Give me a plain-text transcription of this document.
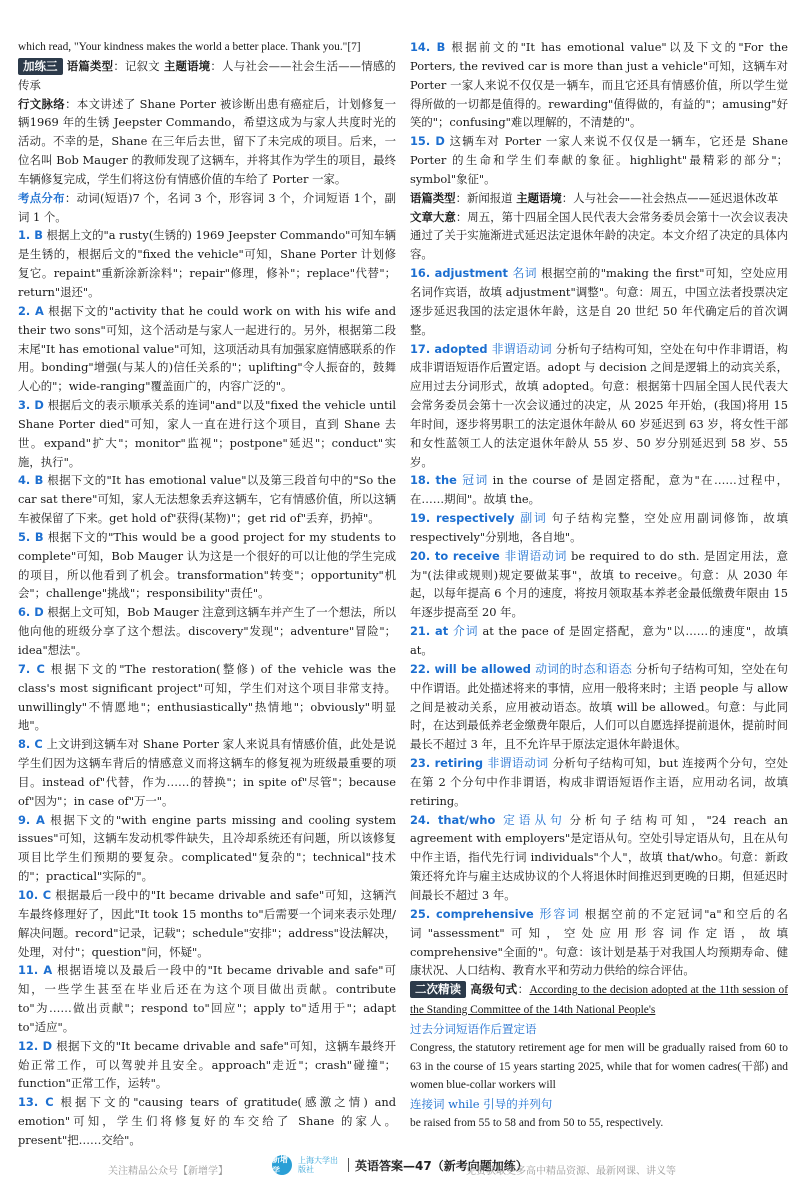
which read, "Your kindness makes the world a better place. Thank you."[7]

加练三 语篇类型：记叙文 主题语境：人与社会——社会生活——情感的传承

行文脉络：本文讲述了 Shane Porter 被诊断出患有癌症后，计划修复一辆1969 年的生锈 Jeepster Commando，希望这成为与家人共度时光的活动。不幸的是，Shane 在三年后去世，留下了未完成的项目。后来，一位名叫 Bob Mauger 的教师发现了这辆车，并将其作为学生的项目，最终车辆修复完成，学生们将这份有情感价值的车给了 Porter 一家。

考点分布：动词(短语)7 个，名词 3 个，形容词 3 个，介词短语 1个，副词 1 个。

1. B 根据上文的"a rusty(生锈的) 1969 Jeepster Commando"可知车辆是生锈的，根据后文的"fixed the vehicle"可知，Shane Porter 计划修复它。repaint"重新涂新涂料"；repair"修理，修补"；replace"代替"；return"退还"。

2. A 根据下文的"activity that he could work on with his wife and their two sons"可知，这个活动是与家人一起进行的。另外，根据第二段末尾"It has emotional value"可知，这项活动具有加强家庭情感联系的作用。bonding"增强(与某人的)信任关系的"；uplifting"令人振奋的，鼓舞人心的"；wide-ranging"覆盖面广的，内容广泛的"。

3. D 根据后文的表示顺承关系的连词"and"以及"fixed the vehicle until Shane Porter died"可知，家人一直在进行这个项目，直到 Shane 去世。expand"扩大"；monitor"监视"；postpone"延迟"；conduct"实施，执行"。

4. B 根据下文的"It has emotional value"以及第三段首句中的"So the car sat there"可知，家人无法想象丢弃这辆车，它有情感价值，所以这辆车被保留了下来。get hold of"获得(某物)"；get rid of"丢弃，扔掉"。

5. B 根据下文的"This would be a good project for my students to complete"可知，Bob Mauger 认为这是一个很好的可以让他的学生完成的项目，所以他看到了机会。transformation"转变"；opportunity"机会"；challenge"挑战"；responsibility"责任"。

6. D 根据上文可知，Bob Mauger 注意到这辆车并产生了一个想法，所以他向他的班级分享了这个想法。discovery"发现"；adventure"冒险"；idea"想法"。

7. C 根据下文的"The restoration(整修) of the vehicle was the class's most significant project"可知，学生们对这个项目非常支持。unwillingly"不情愿地"；enthusiastically"热情地"；obviously"明显地"。

8. C 上文讲到这辆车对 Shane Porter 家人来说具有情感价值，此处是说学生们因为这辆车背后的情感意义而将这辆车的修复视为班级最重要的项目。instead of"代替，作为……的替换"；in spite of"尽管"；because of"因为"；in case of"万一"。

9. A 根据下文的"with engine parts missing and cooling system issues"可知，这辆车发动机零件缺失，且冷却系统还有问题，所以该修复项目比学生们预期的要复杂。complicated"复杂的"；technical"技术的"；practical"实际的"。

10. C 根据最后一段中的"It became drivable and safe"可知，这辆汽车最终修理好了，因此"It took 15 months to"后需要一个词来表示处理/解决问题。record"记录，记载"；schedule"安排"；address"设法解决，处理，对付"；question"问，怀疑"。

11. A 根据语境以及最后一段中的"It became drivable and safe"可知，一些学生甚至在毕业后还在为这个项目做出贡献。contribute to"为……做出贡献"；respond to"回应"；apply to"适用于"；adapt to"适应"。

12. D 根据下文的"It became drivable and safe"可知，这辆车最终开始正常工作，可以驾驶并且安全。approach"走近"；crash"碰撞"；function"正常工作，运转"。

13. C 根据下文的"causing tears of gratitude(感激之情) and emotion"可知，学生们将修复好的车交给了 Shane 的家人。present"把……交给"。

14. B 根据前文的"It has emotional value"以及下文的"For the Porters, the revived car is more than just a vehicle"可知，这辆车对 Porter 一家人来说不仅仅是一辆车，而且它还具有情感价值，所以学生觉得所做的一切都是值得的。rewarding"值得做的，有益的"；amusing"好笑的"；confusing"难以理解的，不清楚的"。

15. D 这辆车对 Porter 一家人来说不仅仅是一辆车，它还是 Shane Porter 的生命和学生们奉献的象征。highlight"最精彩的部分"；symbol"象征"。

语篇类型：新闻报道 主题语境：人与社会——社会热点——延迟退休改革

文章大意：周五，第十四届全国人民代表大会常务委员会第十一次会议表决通过了关于实施渐进式延迟法定退休年龄的决定。本文介绍了决定的具体内容。

16. adjustment 名词 根据空前的"making the first"可知，空处应用名词作宾语，故填 adjustment"调整"。句意：周五，中国立法者投票决定逐步延迟我国的法定退休年龄，这是自 20 世纪 50 年代确定后的首次调整。

17. adopted 非谓语动词 分析句子结构可知，空处在句中作非谓语，构成非谓语短语作后置定语。adopt 与 decision 之间是逻辑上的动宾关系，应用过去分词形式，故填 adopted。句意：根据第十四届全国人民代表大会常务委员会第十一次会议通过的决定，从 2025 年开始，(我国)将用 15 年时间，逐步将男职工的法定退休年龄从 60 岁延迟到 63 岁，将女性干部和女性蓝领工人的法定退休年龄从 55 岁、50 岁分别延迟到 58 岁、55 岁。

18. the 冠词 in the course of 是固定搭配，意为"在……过程中，在……期间"。故填 the。

19. respectively 副词 句子结构完整，空处应用副词修饰，故填 respectively"分别地，各自地"。

20. to receive 非谓语动词 be required to do sth. 是固定用法，意为"(法律或规则)规定要做某事"，故填 to receive。句意：从 2030 年起，以每年提高 6 个月的速度，将按月领取基本养老金最低缴费年限由 15 年逐步提高至 20 年。

21. at 介词 at the pace of 是固定搭配，意为"以……的速度"，故填 at。

22. will be allowed 动词的时态和语态 分析句子结构可知，空处在句中作谓语。此处描述将来的事情，应用一般将来时；主语 people 与 allow 之间是被动关系，应用被动语态。故填 will be allowed。句意：与此同时，在达到最低养老金缴费年限后，人们可以自愿选择提前退休，提前时间最长不超过 3 年，且不允许早于原法定退休年龄退休。

23. retiring 非谓语动词 分析句子结构可知，but 连接两个分句，空处在第 2 个分句中作非谓语，构成非谓语短语作主语，应用动名词，故填 retiring。

24. that/who 定语从句 分析句子结构可知，"24 reach an agreement with employers"是定语从句。空处引导定语从句，且在从句中作主语，指代先行词 individuals"个人"，故填 that/who。句意：新政策还将允许与雇主达成协议的个人将退休时间推迟到更晚的日期，但延迟时间最长不超过 3 年。

25. comprehensive 形容词 根据空前的不定冠词"a"和空后的名词"assessment"可知，空处应用形容词作定语，故填 comprehensive"全面的"。句意：该计划是基于对我国人均预期寿命、健康状况、人口结构、教育水平和劳动力供给的综合评估。

二次精读 高级句式：According to the decision adopted at the 11th session of the Standing Committee of the 14th National People's

过去分词短语作后置定语

Congress, the statutory retirement age for men will be gradually raised from 60 to 63 in the course of 15 years starting 2025, while that for women cadres(干部) and women blue-collar workers will

连接词 while 引导的并列句

be raised from 55 to 58 and from 50 to 55, respectively.

关注精品公众号【新增学】
新增学
上海大学出版社	英语答案—47（新考向题加练）
免费获取更多高中精品资源、最新网课、讲义等
